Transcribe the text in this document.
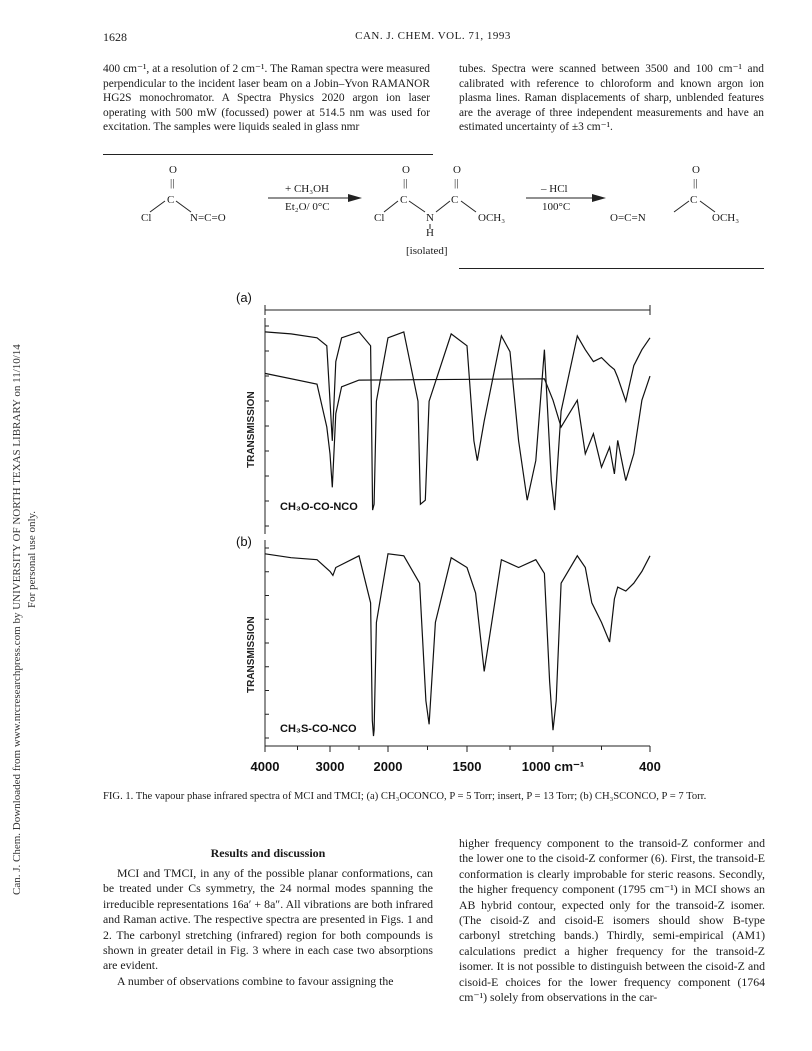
Can. J. Chem. Downloaded from www.nrcresearchpress.com by UNIVERSITY OF NORTH TEXAS LIBRARY on 11/10/14 For personal use only.
1628	CAN. J. CHEM. VOL. 71, 1993

400 cm⁻¹, at a resolution of 2 cm⁻¹. The Raman spectra were measured perpendicular to the incident laser beam on a Jobin–Yvon RAMANOR HG2S monochromator. A Spectra Physics 2020 argon ion laser operating with 500 mW (focussed) power at 514.5 nm was used for excitation. The samples were liquids sealed in glass nmr

tubes. Spectra were scanned between 3500 and 100 cm⁻¹ and calibrated with reference to chloroform and known argon ion plasma lines. Raman displacements of sharp, unblended features are the average of three independent measurements and have an estimated uncertainty of ±3 cm⁻¹.

O
||
C
Cl	N=C=O
+ CH₃OH
Et₂O/ 0°C
O	O
||	||
C	C
Cl	N	OCH₃
H
[isolated]
– HCl
100°C
O
||
C
O=C=N	OCH₃
(a)
(b)
TRANSMISSION
TRANSMISSION
CH₃O-CO-NCO
CH₃S-CO-NCO
4000	3000 2000	1500	1000 cm⁻¹	400
FIG. 1. The vapour phase infrared spectra of MCI and TMCI; (a) CH₃OCONCO, P = 5 Torr; insert, P = 13 Torr; (b) CH₃SCONCO, P = 7 Torr.
Results and discussion

MCI and TMCI, in any of the possible planar conformations, can be treated under Cs symmetry, the 24 normal modes spanning the irreducible representations 16a′ + 8a″. All vibrations are both infrared and Raman active. The respective spectra are presented in Figs. 1 and 2. The carbonyl stretching (infrared) region for both compounds is shown in greater detail in Fig. 3 where in each case two absorptions are evident.

A number of observations combine to favour assigning the

higher frequency component to the transoid-Z conformer and the lower one to the cisoid-Z conformer (6). First, the transoid-E conformation is clearly improbable for steric reasons. Secondly, the higher frequency component (1795 cm⁻¹) in MCI shows an AB hybrid contour, expected only for the transoid-Z isomer. (The cisoid-Z and cisoid-E isomers should show B-type carbonyl stretching bands.) Thirdly, semi-empirical (AM1) calculations predict a higher frequency for the transoid-Z isomer. It is not possible to distinguish between the cisoid-Z and cisoid-E choices for the lower frequency component (1764 cm⁻¹) solely from observations in the car-
